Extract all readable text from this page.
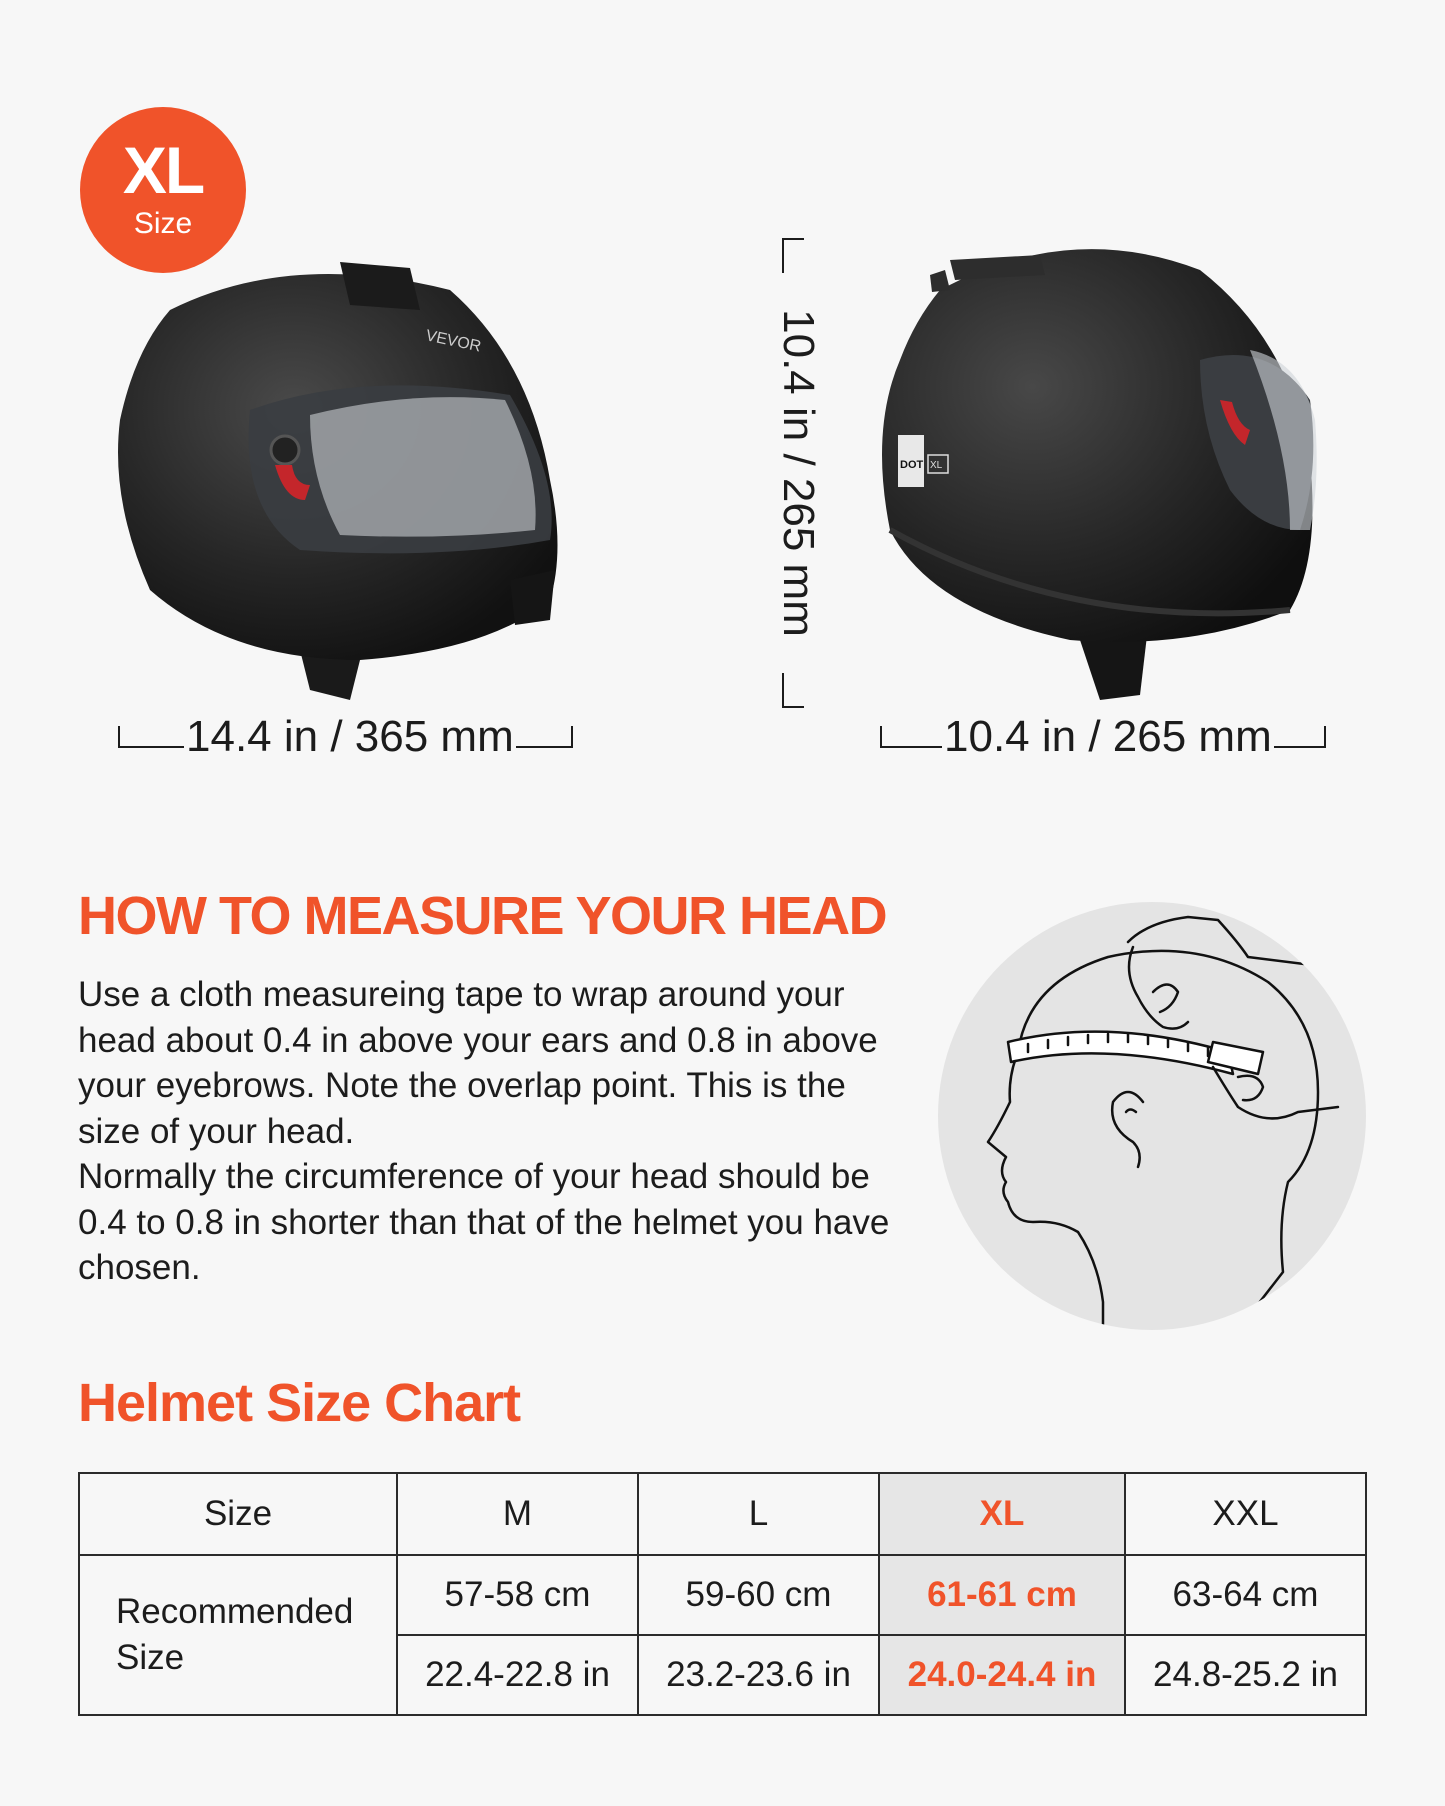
XL
Size
VEVOR	10.4 in / 265 mm	DOT XL
14.4 in / 365 mm	10.4 in / 265 mm
HOW TO MEASURE YOUR HEAD

Use a cloth measureing tape to wrap around your head about 0.4 in above your ears and 0.8 in above your eyebrows. Note the overlap point. This is the size of your head.

Normally the circumference of your head should be 0.4 to 0.8 in shorter than that of the helmet you have chosen.

Helmet Size Chart
Size	M	L	XL	XXL
Recommended Size	57-58 cm	59-60 cm	61-61 cm	63-64 cm
	22.4-22.8 in	23.2-23.6 in	24.0-24.4 in	24.8-25.2 in
